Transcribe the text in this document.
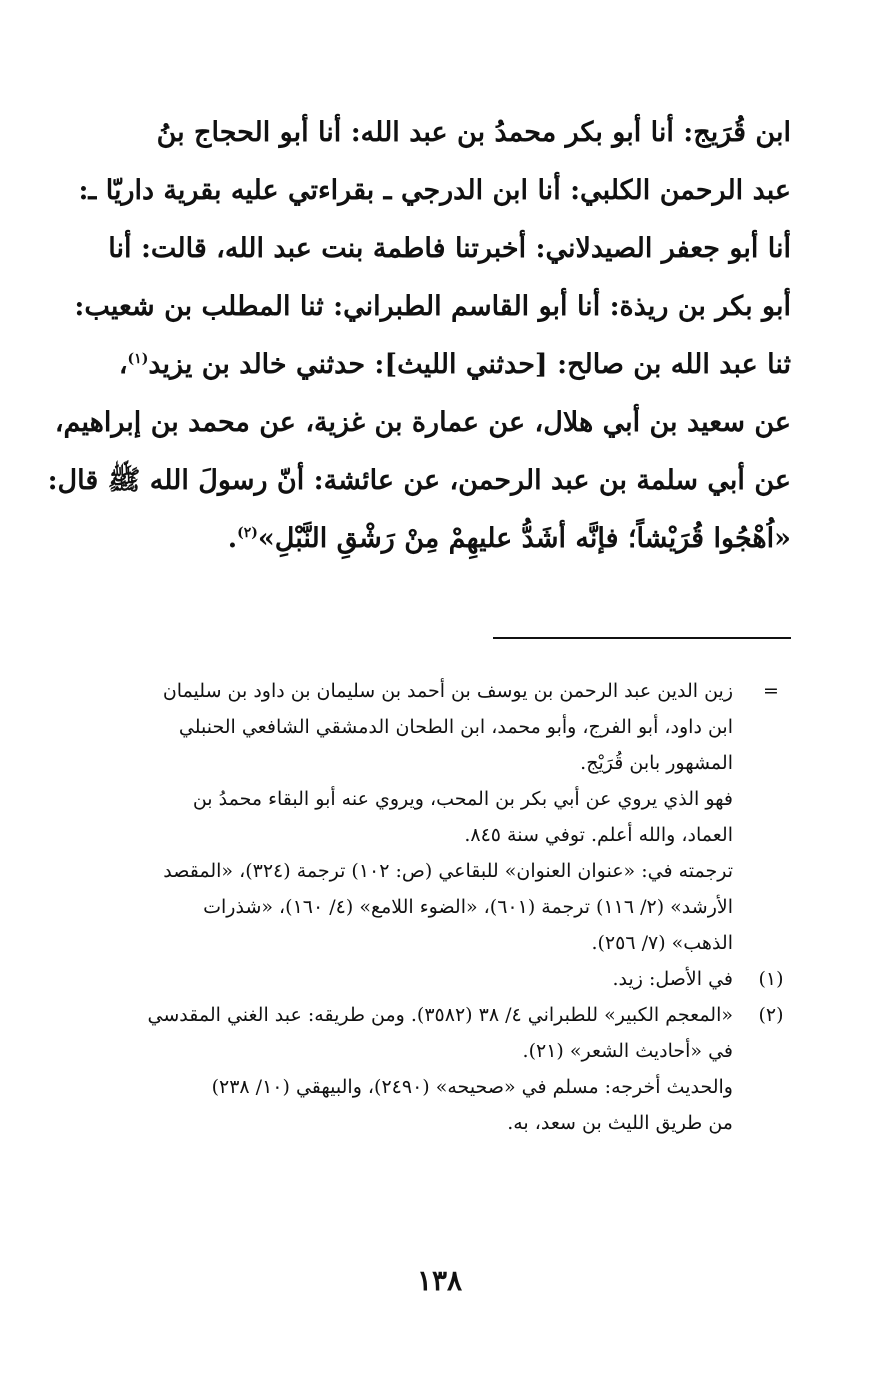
ابن قُرَيج: أنا أبو بكر محمدُ بن عبد الله: أنا أبو الحجاج بنُ
عبد الرحمن الكلبي: أنا ابن الدرجي ـ بقراءتي عليه بقرية داريّا ـ:
أنا أبو جعفر الصيدلاني: أخبرتنا فاطمة بنت عبد الله، قالت: أنا
أبو بكر بن ريذة: أنا أبو القاسم الطبراني: ثنا المطلب بن شعيب:
ثنا عبد الله بن صالح: [حدثني الليث]: حدثني خالد بن يزيد$^{(١)}$،
عن سعيد بن أبي هلال، عن عمارة بن غزية، عن محمد بن إبراهيم،
عن أبي سلمة بن عبد الرحمن، عن عائشة: أنّ رسولَ الله ﷺ قال:
«اُهْجُوا قُرَيْشاً؛ فإنَّه أشَدُّ عليهِمْ مِنْ رَشْقِ النَّبْلِ»$^{(٢)}$.
=
زين الدين عبد الرحمن بن يوسف بن أحمد بن سليمان بن داود بن سليمان
ابن داود، أبو الفرج، وأبو محمد، ابن الطحان الدمشقي الشافعي الحنبلي
المشهور بابن قُرَيْج.
فهو الذي يروي عن أبي بكر بن المحب، ويروي عنه أبو البقاء محمدُ بن
العماد، والله أعلم. توفي سنة ٨٤٥.
ترجمته في: «عنوان العنوان» للبقاعي (ص: ١٠٢) ترجمة (٣٢٤)، «المقصد
الأرشد» (٢/ ١١٦) ترجمة (٦٠١)، «الضوء اللامع» (٤/ ١٦٠)، «شذرات
الذهب» (٧/ ٢٥٦).
(١)
في الأصل: زيد.
(٢)
«المعجم الكبير» للطبراني ٤/ ٣٨ (٣٥٨٢). ومن طريقه: عبد الغني المقدسي
في «أحاديث الشعر» (٢١).
والحديث أخرجه: مسلم في «صحيحه» (٢٤٩٠)، والبيهقي (١٠/ ٢٣٨)
من طريق الليث بن سعد، به.
١٣٨
